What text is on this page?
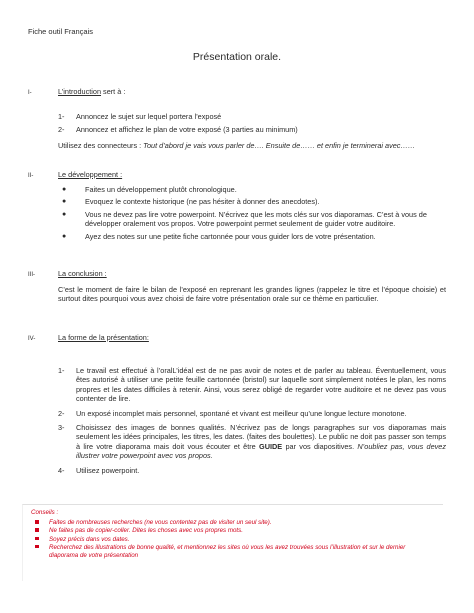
Fiche outil Français
Présentation orale.
I-	L’introduction sert à :
1- Annoncez le sujet sur lequel portera l’exposé
2- Annoncez et affichez le plan de votre exposé (3 parties au minimum)
Utilisez des connecteurs : Tout d’abord je vais vous parler de…. Ensuite de…… et enfin je terminerai avec……
II-	Le développement :
●	Faites un développement plutôt chronologique.
●	Evoquez le contexte historique (ne pas hésiter à donner des anecdotes).
●	Vous ne devez pas lire votre powerpoint. N’écrivez que les mots clés sur vos diaporamas. C’est à vous de développer oralement vos propos. Votre powerpoint permet seulement de guider votre auditoire.
●	Ayez des notes sur une petite fiche cartonnée pour vous guider lors de votre présentation.
III-	La conclusion :
C’est le moment de faire le bilan de l’exposé en reprenant les grandes lignes (rappelez le titre et l’époque choisie) et surtout dites pourquoi vous avez choisi de faire votre présentation orale sur ce thème en particulier.
IV-	La forme de la présentation:
1- Le travail est effectué à l’oralL’idéal est de ne pas avoir de notes et de parler au tableau. Éventuellement, vous êtes autorisé à utiliser une petite feuille cartonnée (bristol) sur laquelle sont simplement notées le plan, les noms propres et les dates difficiles à retenir. Ainsi, vous serez obligé de regarder votre auditoire et ne devez pas vous contenter de lire.
2- Un exposé incomplet mais personnel, spontané et vivant est meilleur qu’une longue lecture monotone.
3- Choisissez des images de bonnes qualités. N’écrivez pas de longs paragraphes sur vos diaporamas mais seulement les idées principales, les titres, les dates. (faites des boulettes). Le public ne doit pas passer son temps à lire votre diaporama mais doit vous écouter et être GUIDE par vos diapositives. N’oubliez pas, vous devez illustrer votre powerpoint avec vos propos.
4- Utilisez powerpoint.
Conseils :
Faites de nombreuses recherches (ne vous contentez pas de visiter un seul site).
Ne faites pas de copier-coller. Dites les choses avec vos propres mots.
Soyez précis dans vos dates.
Recherchez des illustrations de bonne qualité, et mentionnez les sites où vous les avez trouvées sous l’illustration et sur le dernier diaporama de votre présentation
